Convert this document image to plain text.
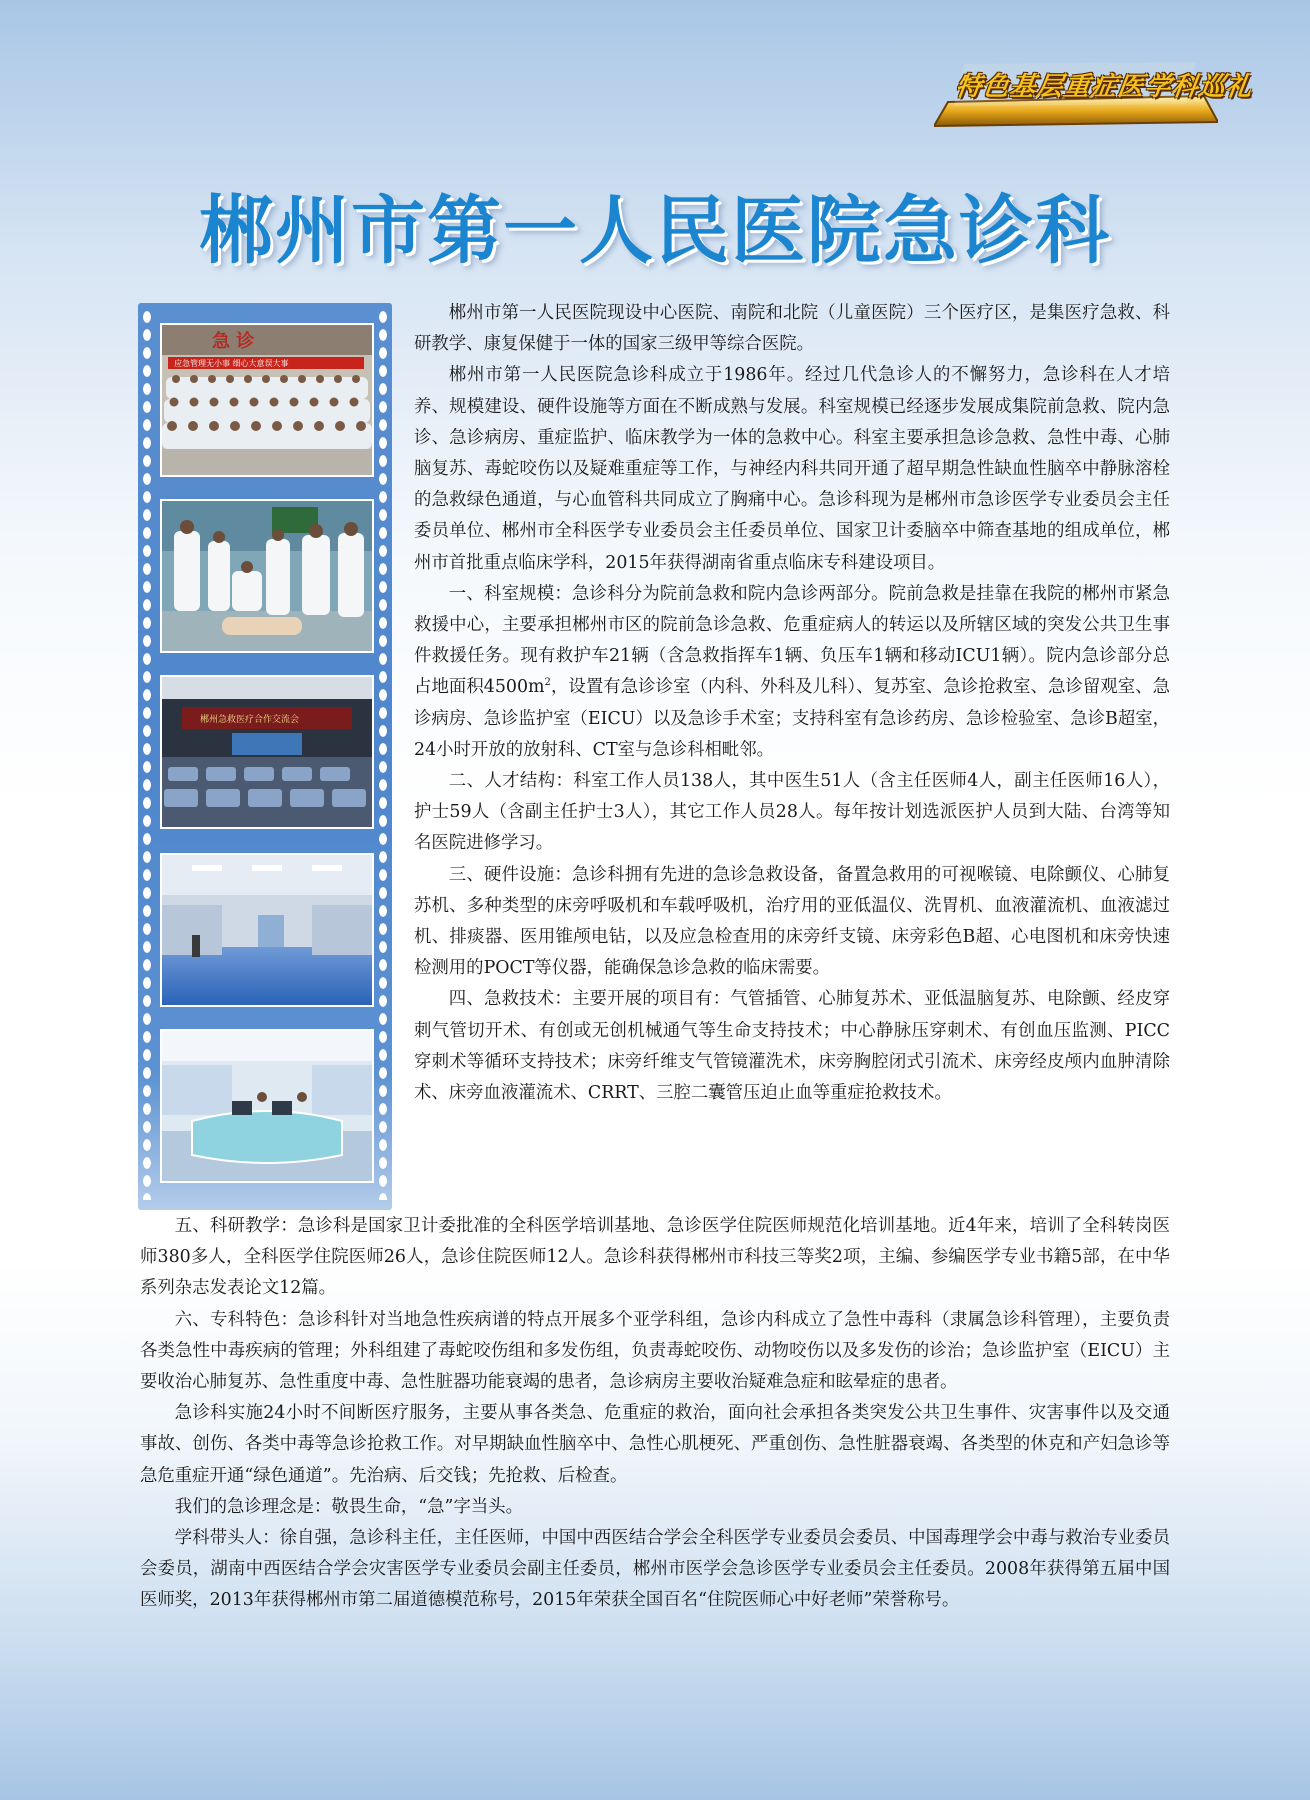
特色基层重症医学科巡礼
郴州市第一人民医院急诊科
急 诊
应急管理无小事 细心大意误大事
郴州急救医疗合作交流会

郴州市第一人民医院现设中心医院、南院和北院（儿童医院）三个医疗区，是集医疗急救、科研教学、康复保健于一体的国家三级甲等综合医院。

郴州市第一人民医院急诊科成立于1986年。经过几代急诊人的不懈努力，急诊科在人才培养、规模建设、硬件设施等方面在不断成熟与发展。科室规模已经逐步发展成集院前急救、院内急诊、急诊病房、重症监护、临床教学为一体的急救中心。科室主要承担急诊急救、急性中毒、心肺脑复苏、毒蛇咬伤以及疑难重症等工作，与神经内科共同开通了超早期急性缺血性脑卒中静脉溶栓的急救绿色通道，与心血管科共同成立了胸痛中心。急诊科现为是郴州市急诊医学专业委员会主任委员单位、郴州市全科医学专业委员会主任委员单位、国家卫计委脑卒中筛查基地的组成单位，郴州市首批重点临床学科，2015年获得湖南省重点临床专科建设项目。

一、科室规模：急诊科分为院前急救和院内急诊两部分。院前急救是挂靠在我院的郴州市紧急救援中心，主要承担郴州市区的院前急诊急救、危重症病人的转运以及所辖区域的突发公共卫生事件救援任务。现有救护车21辆（含急救指挥车1辆、负压车1辆和移动ICU1辆）。院内急诊部分总占地面积$4500m^2$，设置有急诊诊室（内科、外科及儿科）、复苏室、急诊抢救室、急诊留观室、急诊病房、急诊监护室（EICU）以及急诊手术室；支持科室有急诊药房、急诊检验室、急诊B超室，24小时开放的放射科、CT室与急诊科相毗邻。

二、人才结构：科室工作人员138人，其中医生51人（含主任医师4人，副主任医师16人），护士59人（含副主任护士3人），其它工作人员28人。每年按计划选派医护人员到大陆、台湾等知名医院进修学习。

三、硬件设施：急诊科拥有先进的急诊急救设备，备置急救用的可视喉镜、电除颤仪、心肺复苏机、多种类型的床旁呼吸机和车载呼吸机，治疗用的亚低温仪、洗胃机、血液灌流机、血液滤过机、排痰器、医用锥颅电钻，以及应急检查用的床旁纤支镜、床旁彩色B超、心电图机和床旁快速检测用的POCT等仪器，能确保急诊急救的临床需要。

四、急救技术：主要开展的项目有：气管插管、心肺复苏术、亚低温脑复苏、电除颤、经皮穿刺气管切开术、有创或无创机械通气等生命支持技术；中心静脉压穿刺术、有创血压监测、PICC穿刺术等循环支持技术；床旁纤维支气管镜灌洗术，床旁胸腔闭式引流术、床旁经皮颅内血肿清除术、床旁血液灌流术、CRRT、三腔二囊管压迫止血等重症抢救技术。

五、科研教学：急诊科是国家卫计委批准的全科医学培训基地、急诊医学住院医师规范化培训基地。近4年来，培训了全科转岗医师380多人，全科医学住院医师26人，急诊住院医师12人。急诊科获得郴州市科技三等奖2项，主编、参编医学专业书籍5部，在中华系列杂志发表论文12篇。

六、专科特色：急诊科针对当地急性疾病谱的特点开展多个亚学科组，急诊内科成立了急性中毒科（隶属急诊科管理），主要负责各类急性中毒疾病的管理；外科组建了毒蛇咬伤组和多发伤组，负责毒蛇咬伤、动物咬伤以及多发伤的诊治；急诊监护室（EICU）主要收治心肺复苏、急性重度中毒、急性脏器功能衰竭的患者，急诊病房主要收治疑难急症和眩晕症的患者。

急诊科实施24小时不间断医疗服务，主要从事各类急、危重症的救治，面向社会承担各类突发公共卫生事件、灾害事件以及交通事故、创伤、各类中毒等急诊抢救工作。对早期缺血性脑卒中、急性心肌梗死、严重创伤、急性脏器衰竭、各类型的休克和产妇急诊等急危重症开通“绿色通道”。先治病、后交钱；先抢救、后检查。

我们的急诊理念是：敬畏生命，“急”字当头。

学科带头人：徐自强，急诊科主任，主任医师，中国中西医结合学会全科医学专业委员会委员、中国毒理学会中毒与救治专业委员会委员，湖南中西医结合学会灾害医学专业委员会副主任委员，郴州市医学会急诊医学专业委员会主任委员。2008年获得第五届中国医师奖，2013年获得郴州市第二届道德模范称号，2015年荣获全国百名“住院医师心中好老师”荣誉称号。
